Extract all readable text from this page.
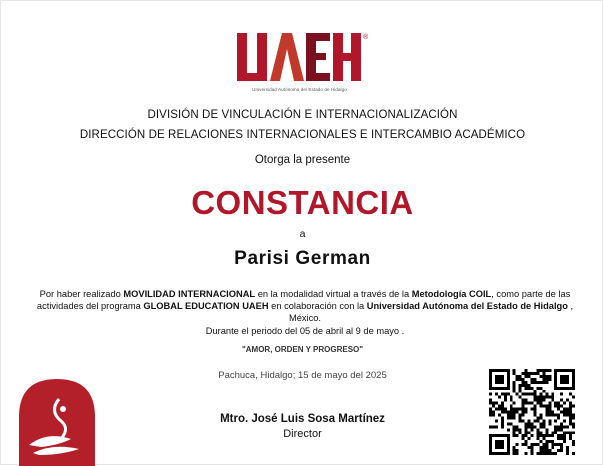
®
Universidad Autónoma del Estado de Hidalgo
DIVISIÓN DE VINCULACIÓN E INTERNACIONALIZACIÓN
DIRECCIÓN DE RELACIONES INTERNACIONALES E INTERCAMBIO ACADÉMICO
Otorga la presente
CONSTANCIA
a
Parisi German
Por haber realizado MOVILIDAD INTERNACIONAL en la modalidad virtual a través de la Metodología COIL, como parte de las actividades del programa GLOBAL EDUCATION UAEH en colaboración con la Universidad Autónoma del Estado de Hidalgo , México.
Durante el periodo del 05 de abril al 9 de mayo .
"AMOR, ORDEN Y PROGRESO"
Pachuca, Hidalgo; 15 de mayo del 2025
Mtro. José Luis Sosa Martínez
Director
